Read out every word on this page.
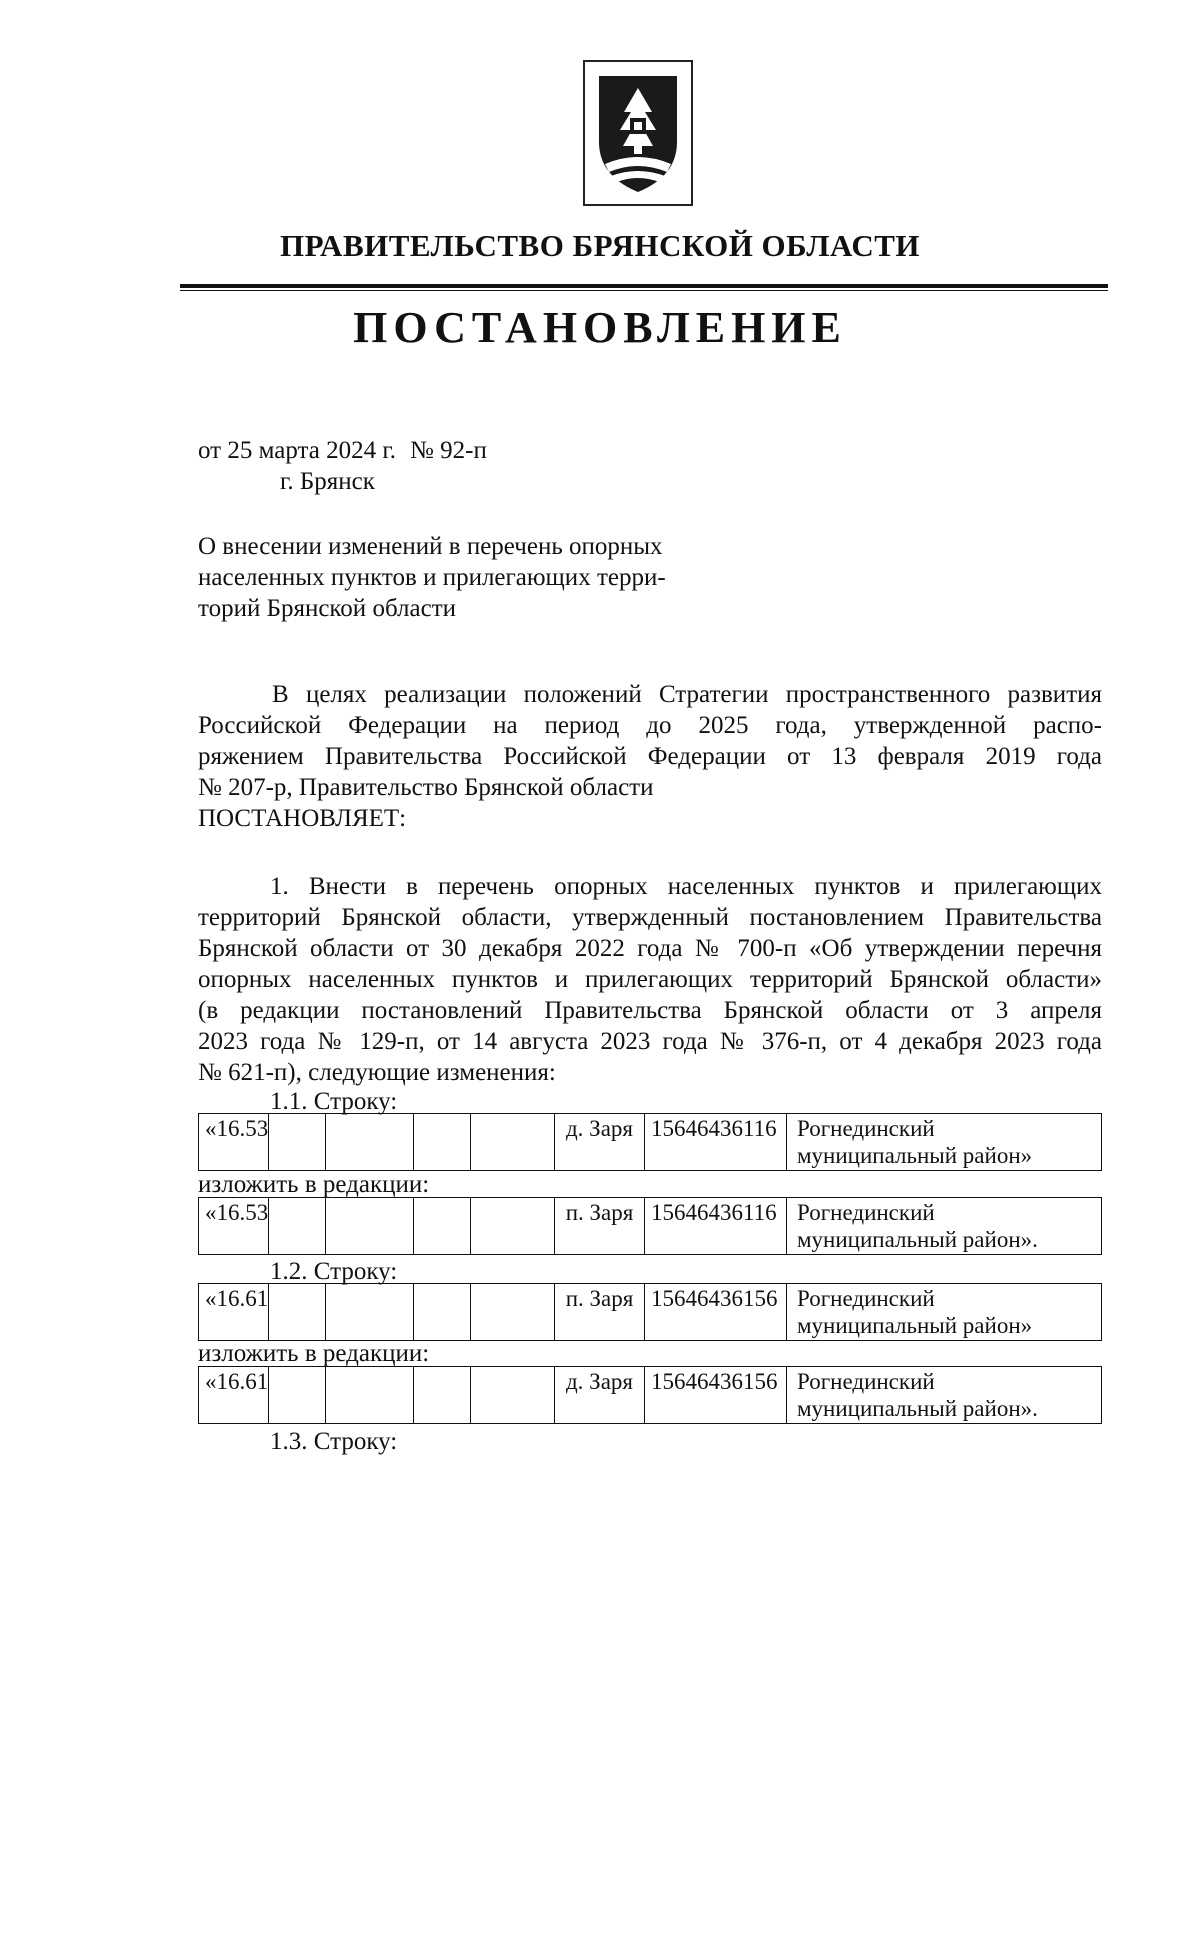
ПРАВИТЕЛЬСТВО БРЯНСКОЙ ОБЛАСТИ
ПОСТАНОВЛЕНИЕ
от 25 марта 2024 г. № 92-п
г. Брянск
О внесении изменений в перечень опорных
населенных пунктов и прилегающих терри-
торий Брянской области
В целях реализации положений Стратегии пространственного развития
Российской Федерации на период до 2025 года, утвержденной распо-
ряжением Правительства Российской Федерации от 13 февраля 2019 года
№ 207-р, Правительство Брянской области
ПОСТАНОВЛЯЕТ:
1. Внести в перечень опорных населенных пунктов и прилегающих
территорий Брянской области, утвержденный постановлением Правительства
Брянской области от 30 декабря 2022 года № 700-п «Об утверждении перечня
опорных населенных пунктов и прилегающих территорий Брянской области»
(в редакции постановлений Правительства Брянской области от 3 апреля
2023 года № 129-п, от 14 августа 2023 года № 376-п, от 4 декабря 2023 года
№ 621-п), следующие изменения:
1.1. Строку:
«16.53					д. Заря	15646436116	Рогнединский муниципальный район»
изложить в редакции:
«16.53					п. Заря	15646436116	Рогнединский муниципальный район».
1.2. Строку:
«16.61					п. Заря	15646436156	Рогнединский муниципальный район»
изложить в редакции:
«16.61					д. Заря	15646436156	Рогнединский муниципальный район».
1.3. Строку:
